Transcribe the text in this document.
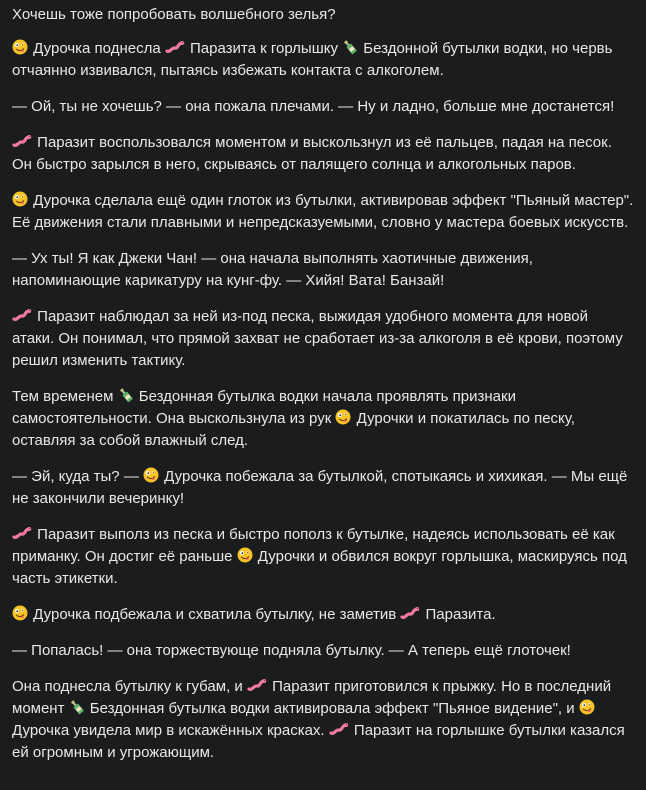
Хочешь тоже попробовать волшебного зелья?
Дурочка поднесла
Паразита к горлышку
Бездонной бутылки водки, но червь отчаянно извивался, пытаясь избежать контакта с алкоголем.
— Ой, ты не хочешь? — она пожала плечами. — Ну и ладно, больше мне достанется!
Паразит воспользовался моментом и выскользнул из её пальцев, падая на песок. Он быстро зарылся в него, скрываясь от палящего солнца и алкогольных паров.
Дурочка сделала ещё один глоток из бутылки, активировав эффект "Пьяный мастер". Её движения стали плавными и непредсказуемыми, словно у мастера боевых искусств.
— Ух ты! Я как Джеки Чан! — она начала выполнять хаотичные движения, напоминающие карикатуру на кунг-фу. — Хийя! Вата! Банзай!
Паразит наблюдал за ней из-под песка, выжидая удобного момента для новой атаки. Он понимал, что прямой захват не сработает из-за алкоголя в её крови, поэтому решил изменить тактику.
Тем временем
Бездонная бутылка водки начала проявлять признаки самостоятельности. Она выскользнула из рук
Дурочки и покатилась по песку, оставляя за собой влажный след.
— Эй, куда ты? —
Дурочка побежала за бутылкой, спотыкаясь и хихикая. — Мы ещё не закончили вечеринку!
Паразит выполз из песка и быстро пополз к бутылке, надеясь использовать её как приманку. Он достиг её раньше
Дурочки и обвился вокруг горлышка, маскируясь под часть этикетки.
Дурочка подбежала и схватила бутылку, не заметив
Паразита.
— Попалась! — она торжествующе подняла бутылку. — А теперь ещё глоточек!
Она поднесла бутылку к губам, и
Паразит приготовился к прыжку. Но в последний момент
Бездонная бутылка водки активировала эффект "Пьяное видение", и
Дурочка увидела мир в искажённых красках.
Паразит на горлышке бутылки казался ей огромным и угрожающим.
